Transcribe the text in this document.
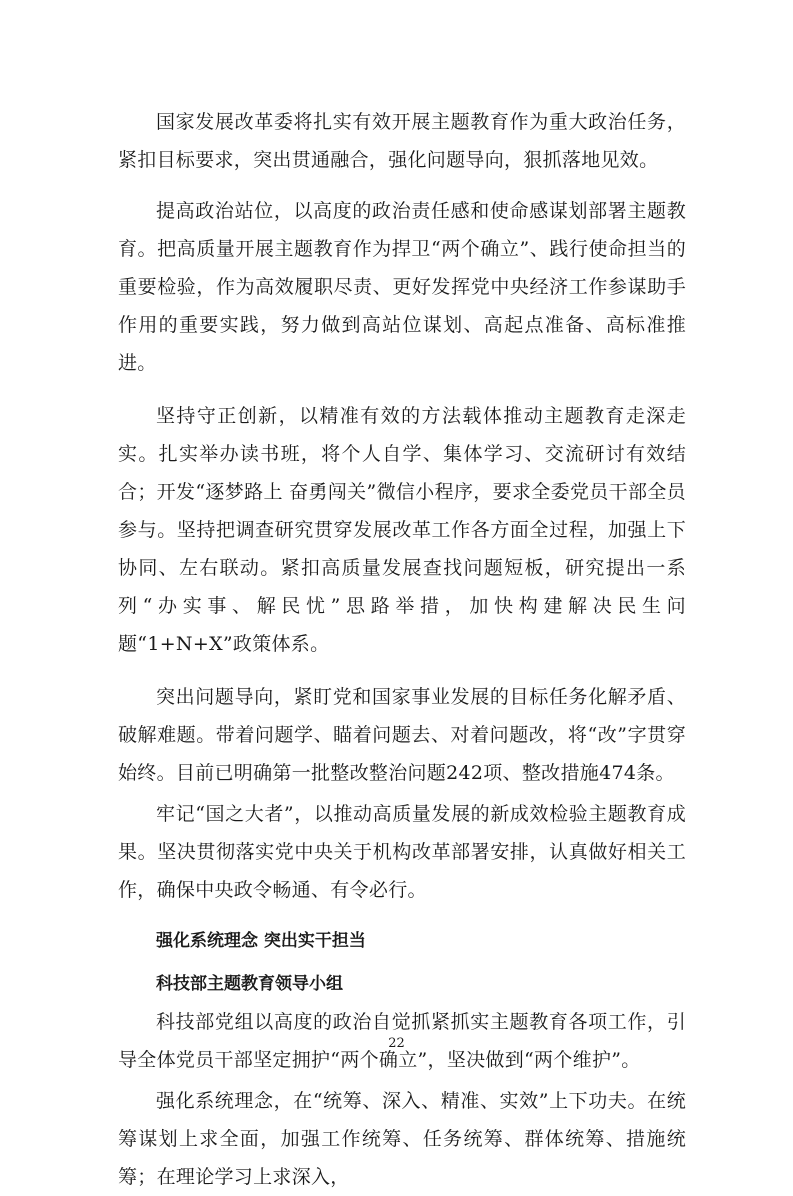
国家发展改革委将扎实有效开展主题教育作为重大政治任务，紧扣目标要求，突出贯通融合，强化问题导向，狠抓落地见效。

提高政治站位，以高度的政治责任感和使命感谋划部署主题教育。把高质量开展主题教育作为捍卫“两个确立”、践行使命担当的重要检验，作为高效履职尽责、更好发挥党中央经济工作参谋助手作用的重要实践，努力做到高站位谋划、高起点准备、高标准推进。

坚持守正创新，以精准有效的方法载体推动主题教育走深走实。扎实举办读书班，将个人自学、集体学习、交流研讨有效结合；开发“逐梦路上 奋勇闯关”微信小程序，要求全委党员干部全员参与。坚持把调查研究贯穿发展改革工作各方面全过程，加强上下协同、左右联动。紧扣高质量发展查找问题短板，研究提出一系列“办实事、解民忧”思路举措，加快构建解决民生问题“1+N+X”政策体系。

突出问题导向，紧盯党和国家事业发展的目标任务化解矛盾、破解难题。带着问题学、瞄着问题去、对着问题改，将“改”字贯穿始终。目前已明确第一批整改整治问题242项、整改措施474条。

牢记“国之大者”，以推动高质量发展的新成效检验主题教育成果。坚决贯彻落实党中央关于机构改革部署安排，认真做好相关工作，确保中央政令畅通、有令必行。

强化系统理念 突出实干担当

科技部主题教育领导小组

科技部党组以高度的政治自觉抓紧抓实主题教育各项工作，引导全体党员干部坚定拥护“两个确立”，坚决做到“两个维护”。

强化系统理念，在“统筹、深入、精准、实效”上下功夫。在统筹谋划上求全面，加强工作统筹、任务统筹、群体统筹、措施统筹；在理论学习上求深入，

22
